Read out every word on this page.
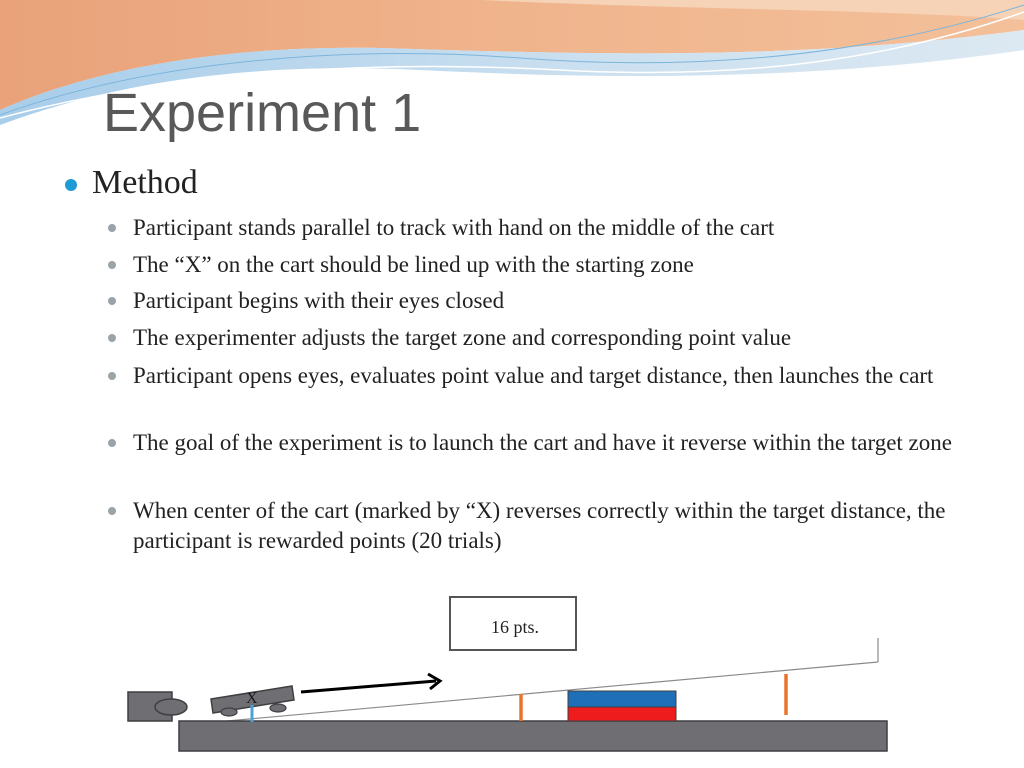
Experiment 1
Method
Participant stands parallel to track with hand on the middle of the cart
The “X” on the cart should be lined up with the starting zone
Participant begins with their eyes closed
The experimenter adjusts the target zone and corresponding point value
Participant opens eyes, evaluates point value and target distance, then launches the cart
The goal of the experiment is to launch the cart and have it reverse within the target zone
When center of the cart (marked by “X) reverses correctly within the target distance, the participant is rewarded points (20 trials)
X
16 pts.
